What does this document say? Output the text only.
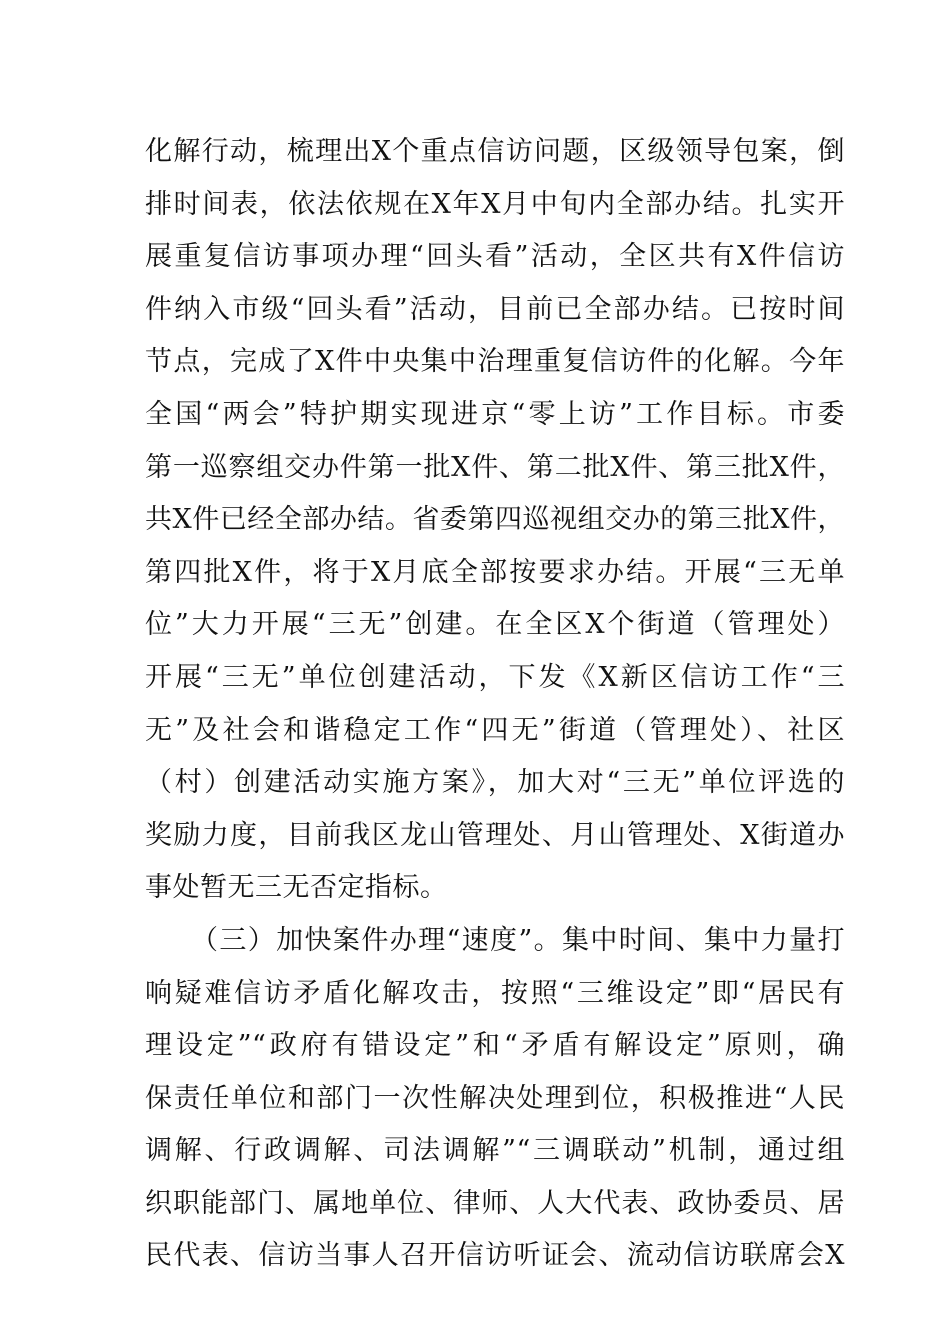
化解行动，梳理出X个重点信访问题，区级领导包案，倒
排时间表，依法依规在X年X月中旬内全部办结。扎实开
展重复信访事项办理“回头看”活动，全区共有X件信访
件纳入市级“回头看”活动，目前已全部办结。已按时间
节点，完成了X件中央集中治理重复信访件的化解。今年
全国“两会”特护期实现进京“零上访”工作目标。市委
第一巡察组交办件第一批X件、第二批X件、第三批X件，
共X件已经全部办结。省委第四巡视组交办的第三批X件，
第四批X件，将于X月底全部按要求办结。开展“三无单
位”大力开展“三无”创建。在全区X个街道（管理处）
开展“三无”单位创建活动，下发《X新区信访工作“三
无”及社会和谐稳定工作“四无”街道（管理处）、社区
（村）创建活动实施方案》，加大对“三无”单位评选的
奖励力度，目前我区龙山管理处、月山管理处、X街道办
事处暂无三无否定指标。
（三）加快案件办理“速度”。集中时间、集中力量打
响疑难信访矛盾化解攻击，按照“三维设定”即“居民有
理设定”“政府有错设定”和“矛盾有解设定”原则，确
保责任单位和部门一次性解决处理到位，积极推进“人民
调解、行政调解、司法调解”“三调联动”机制，通过组
织职能部门、属地单位、律师、人大代表、政协委员、居
民代表、信访当事人召开信访听证会、流动信访联席会X
